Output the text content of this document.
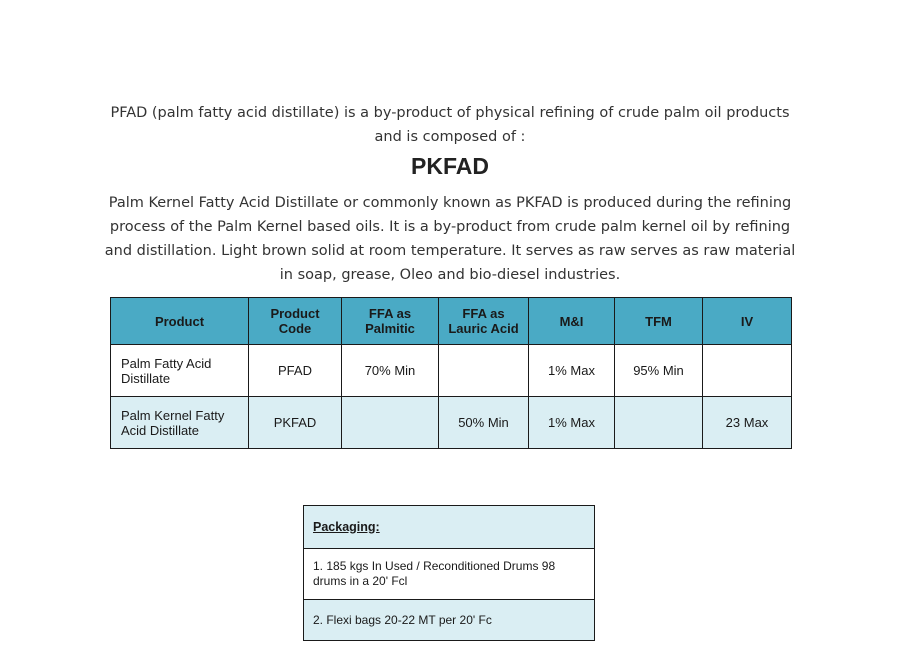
PFAD (palm fatty acid distillate) is a by-product of physical refining of crude palm oil products and is composed of :

PKFAD

Palm Kernel Fatty Acid Distillate or commonly known as PKFAD is produced during the refining process of the Palm Kernel based oils. It is a by-product from crude palm kernel oil by refining and distillation. Light brown solid at room temperature. It serves as raw serves as raw material in soap, grease, Oleo and bio-diesel industries.

Product	Product Code	FFA as Palmitic	FFA as Lauric Acid	M&I	TFM	IV
Palm Fatty Acid Distillate	PFAD	70% Min		1% Max	95% Min	
Palm Kernel Fatty Acid Distillate	PKFAD		50% Min	1% Max		23 Max
Packaging:
1. 185 kgs In Used / Reconditioned Drums 98 drums in a 20' Fcl
2. Flexi bags 20-22 MT per 20' Fc
